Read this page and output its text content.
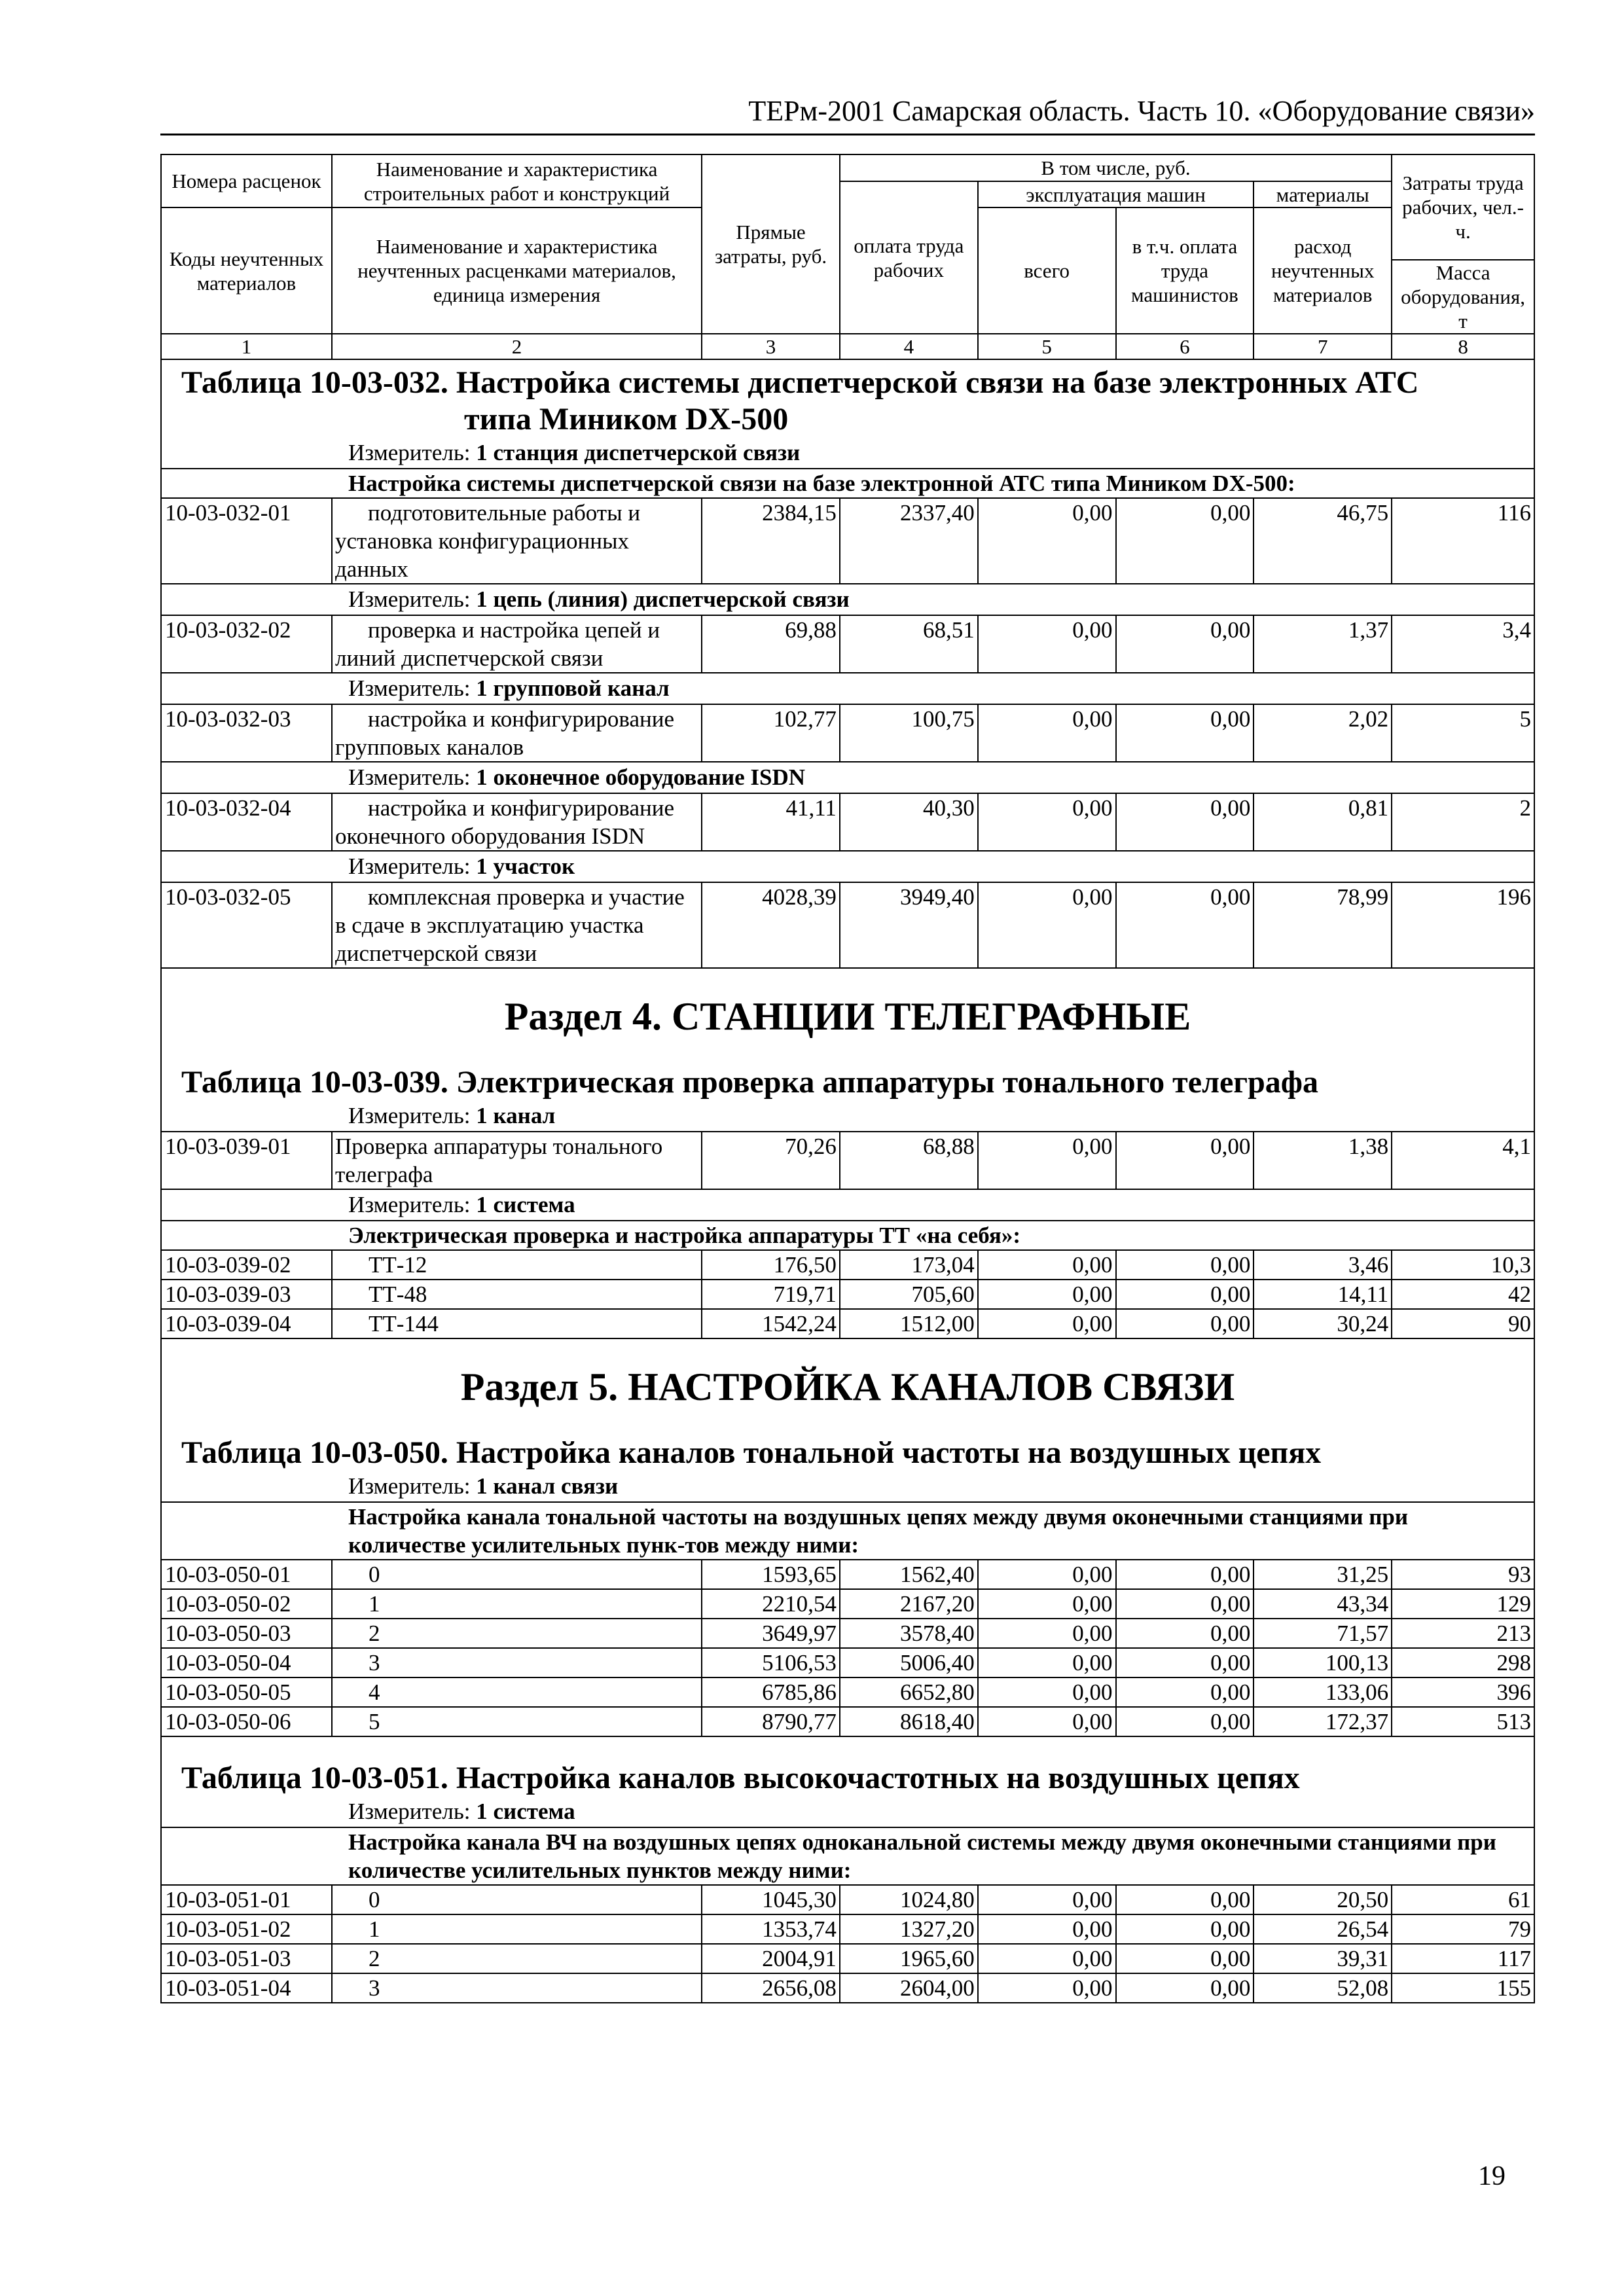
ТЕРм-2001 Самарская область. Часть 10. «Оборудование связи»
Номера расценок	Наименование и характеристика строительных работ и конструкций	Прямые затраты, руб.	В том числе, руб.				Затраты труда рабочих, чел.-ч.
			оплата труда рабочих	эксплуатация машин		материалы	
Коды неучтенных материалов	Наименование и характеристика неучтенных расценками материалов, единица измерения			всего	в т.ч. оплата труда машинистов	расход неучтенных материалов	
							Масса оборудования, т
1	2	3	4	5	6	7	8

Таблица 10-03-032. Настройка системы диспетчерской связи на базе электронных АТС
типа Миником DX-500							

Измеритель: 1 станция диспетчерской связи							
Настройка системы диспетчерской связи на базе электронной АТС типа Миником DX-500:							
10-03-032-01	подготовительные работы и установка конфигурационных данных	2384,15	2337,40	0,00	0,00	46,75	116
Измеритель: 1 цепь (линия) диспетчерской связи							
10-03-032-02	проверка и настройка цепей и линий диспетчерской связи	69,88	68,51	0,00	0,00	1,37	3,4
Измеритель: 1 групповой канал							
10-03-032-03	настройка и конфигурирование групповых каналов	102,77	100,75	0,00	0,00	2,02	5
Измеритель: 1 оконечное оборудование ISDN							
10-03-032-04	настройка и конфигурирование оконечного оборудования ISDN	41,11	40,30	0,00	0,00	0,81	2
Измеритель: 1 участок							
10-03-032-05	комплексная проверка и участие в сдаче в эксплуатацию участка диспетчерской связи	4028,39	3949,40	0,00	0,00	78,99	196

Раздел 4. СТАНЦИИ ТЕЛЕГРАФНЫЕ							

Таблица 10-03-039. Электрическая проверка аппаратуры тонального телеграфа							
Измеритель: 1 канал							
10-03-039-01	Проверка аппаратуры тонального телеграфа	70,26	68,88	0,00	0,00	1,38	4,1
Измеритель: 1 система							
Электрическая проверка и настройка аппаратуры ТТ «на себя»:							
10-03-039-02	ТТ-12	176,50	173,04	0,00	0,00	3,46	10,3
10-03-039-03	ТТ-48	719,71	705,60	0,00	0,00	14,11	42
10-03-039-04	ТТ-144	1542,24	1512,00	0,00	0,00	30,24	90

Раздел 5. НАСТРОЙКА КАНАЛОВ СВЯЗИ							

Таблица 10-03-050. Настройка каналов тональной частоты на воздушных цепях							
Измеритель: 1 канал связи							
Настройка канала тональной частоты на воздушных цепях между двумя оконечными станциями при количестве усилительных пунк-тов между ними:							
10-03-050-01	0	1593,65	1562,40	0,00	0,00	31,25	93
10-03-050-02	1	2210,54	2167,20	0,00	0,00	43,34	129
10-03-050-03	2	3649,97	3578,40	0,00	0,00	71,57	213
10-03-050-04	3	5106,53	5006,40	0,00	0,00	100,13	298
10-03-050-05	4	6785,86	6652,80	0,00	0,00	133,06	396
10-03-050-06	5	8790,77	8618,40	0,00	0,00	172,37	513

Таблица 10-03-051. Настройка каналов высокочастотных на воздушных цепях							
Измеритель: 1 система							
Настройка канала ВЧ на воздушных цепях одноканальной системы между двумя оконечными станциями при количестве усилительных пунктов между ними:							
10-03-051-01	0	1045,30	1024,80	0,00	0,00	20,50	61
10-03-051-02	1	1353,74	1327,20	0,00	0,00	26,54	79
10-03-051-03	2	2004,91	1965,60	0,00	0,00	39,31	117
10-03-051-04	3	2656,08	2604,00	0,00	0,00	52,08	155
19
